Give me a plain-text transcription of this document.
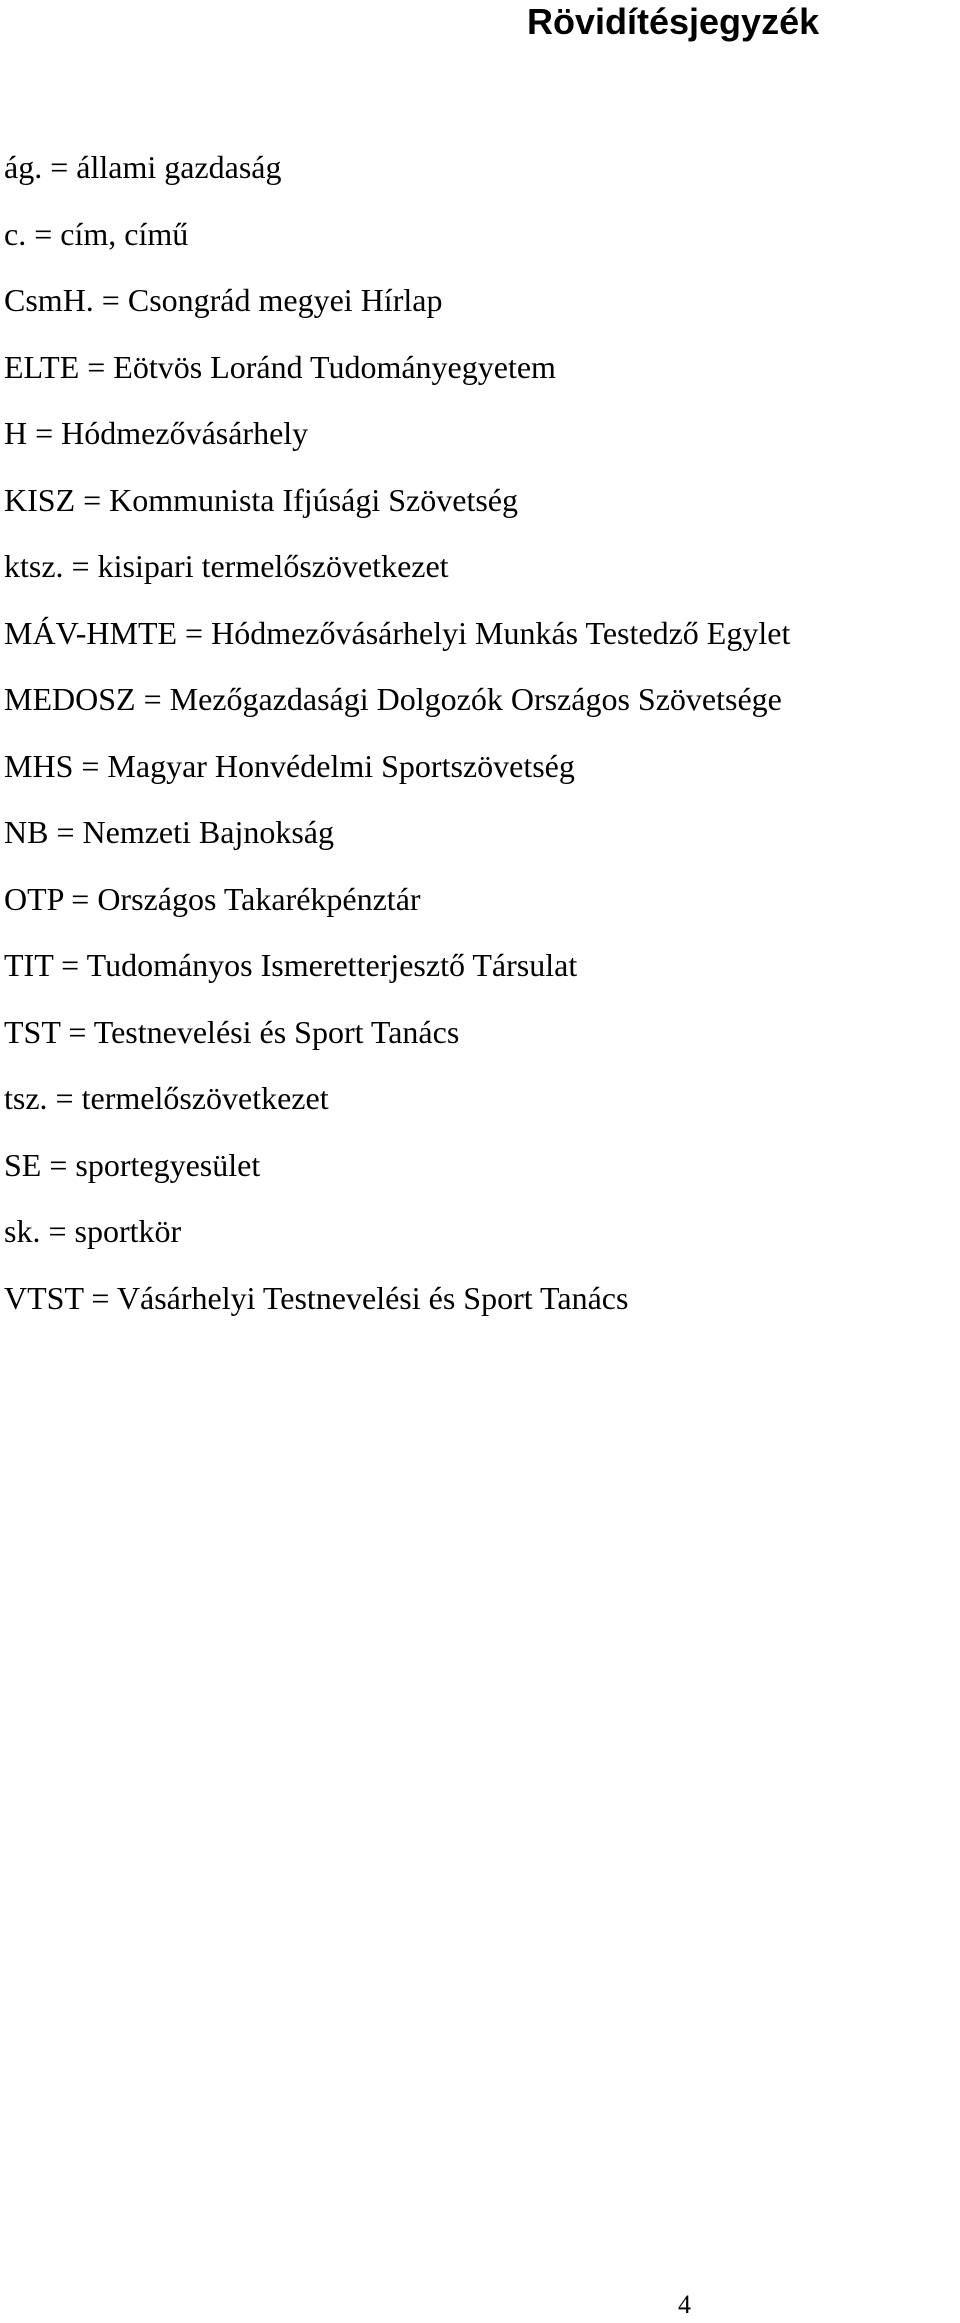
Rövidítésjegyzék
ág. = állami gazdaság
c. = cím, című
CsmH. = Csongrád megyei Hírlap
ELTE = Eötvös Loránd Tudományegyetem
H = Hódmezővásárhely
KISZ = Kommunista Ifjúsági Szövetség
ktsz. = kisipari termelőszövetkezet
MÁV-HMTE = Hódmezővásárhelyi Munkás Testedző Egylet
MEDOSZ = Mezőgazdasági Dolgozók Országos Szövetsége
MHS = Magyar Honvédelmi Sportszövetség
NB = Nemzeti Bajnokság
OTP = Országos Takarékpénztár
TIT = Tudományos Ismeretterjesztő Társulat
TST = Testnevelési és Sport Tanács
tsz. = termelőszövetkezet
SE = sportegyesület
sk. = sportkör
VTST = Vásárhelyi Testnevelési és Sport Tanács
4
